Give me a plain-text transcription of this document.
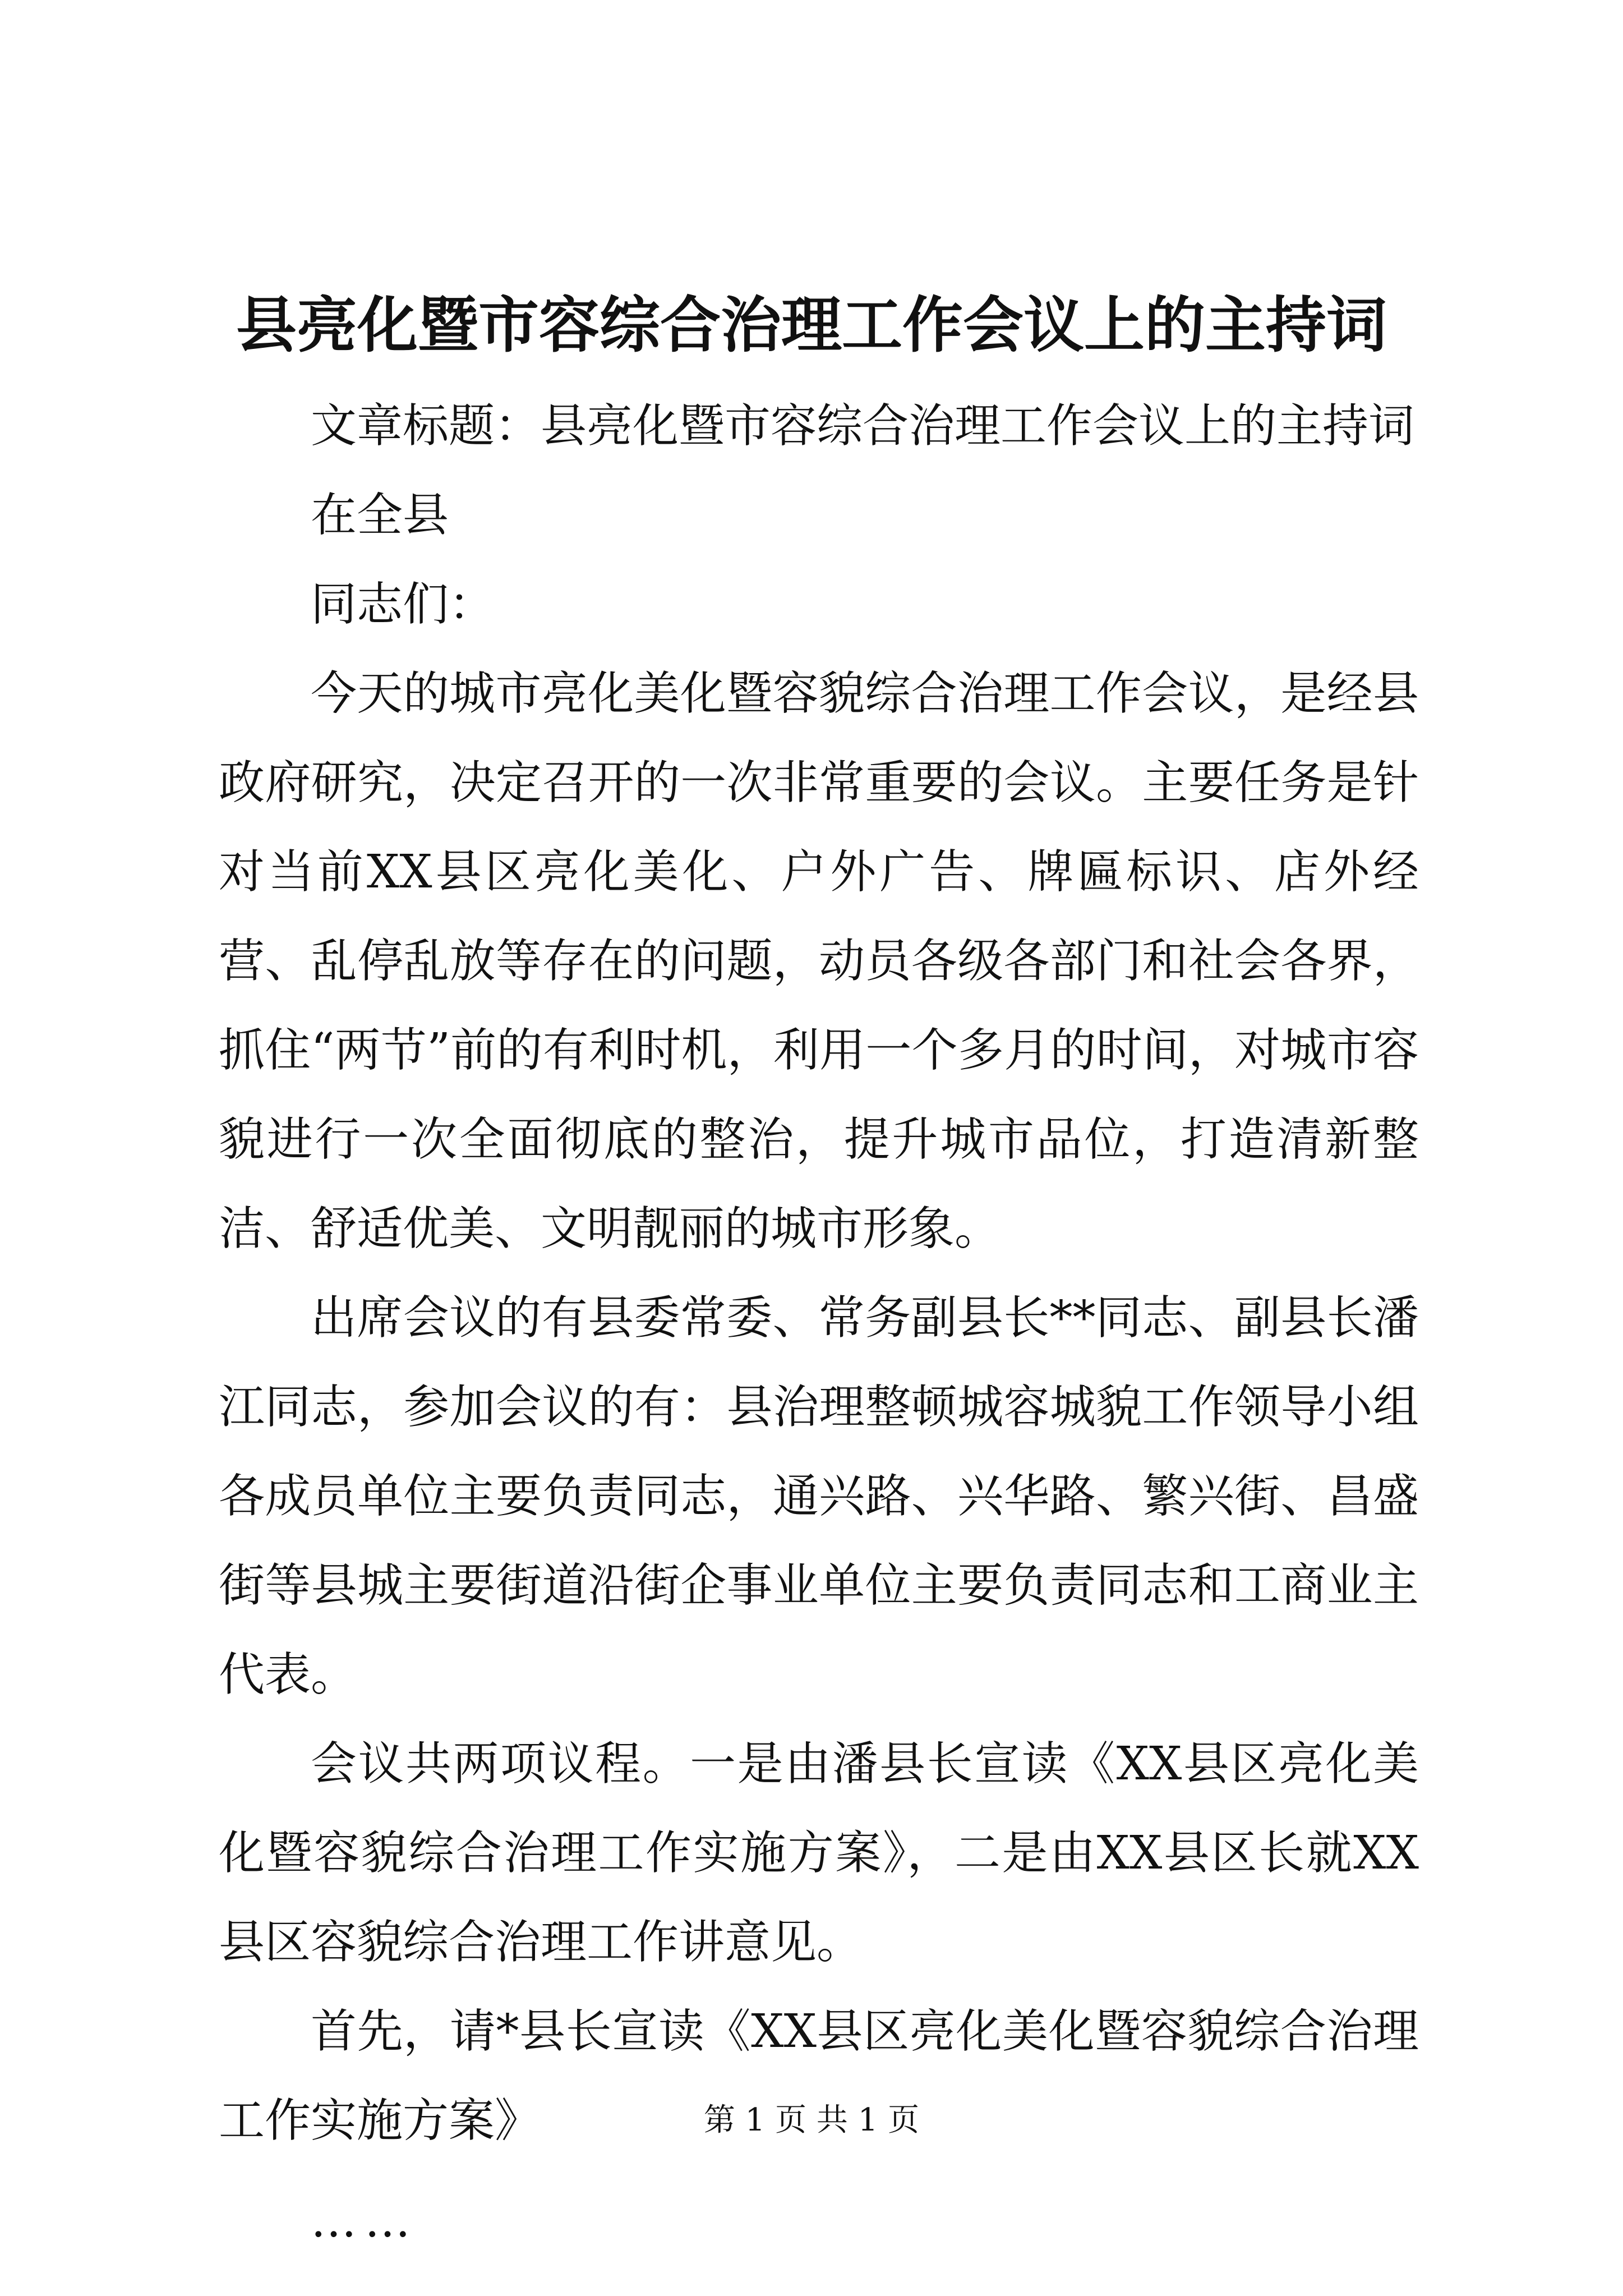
县亮化暨市容综合治理工作会议上的主持词

文章标题：县亮化暨市容综合治理工作会议上的主持词

在全县

同志们：

今天的城市亮化美化暨容貌综合治理工作会议，是经县政府研究，决定召开的一次非常重要的会议。主要任务是针对当前XX县区亮化美化、户外广告、牌匾标识、店外经营、乱停乱放等存在的问题，动员各级各部门和社会各界，抓住“两节”前的有利时机，利用一个多月的时间，对城市容貌进行一次全面彻底的整治，提升城市品位，打造清新整洁、舒适优美、文明靓丽的城市形象。

出席会议的有县委常委、常务副县长**同志、副县长潘江同志，参加会议的有：县治理整顿城容城貌工作领导小组各成员单位主要负责同志，通兴路、兴华路、繁兴街、昌盛街等县城主要街道沿街企事业单位主要负责同志和工商业主代表。

会议共两项议程。一是由潘县长宣读《XX县区亮化美化暨容貌综合治理工作实施方案》，二是由XX县区长就XX县区容貌综合治理工作讲意见。

首先，请*县长宣读《XX县区亮化美化暨容貌综合治理工作实施方案》

……

第 1 页 共 1 页
